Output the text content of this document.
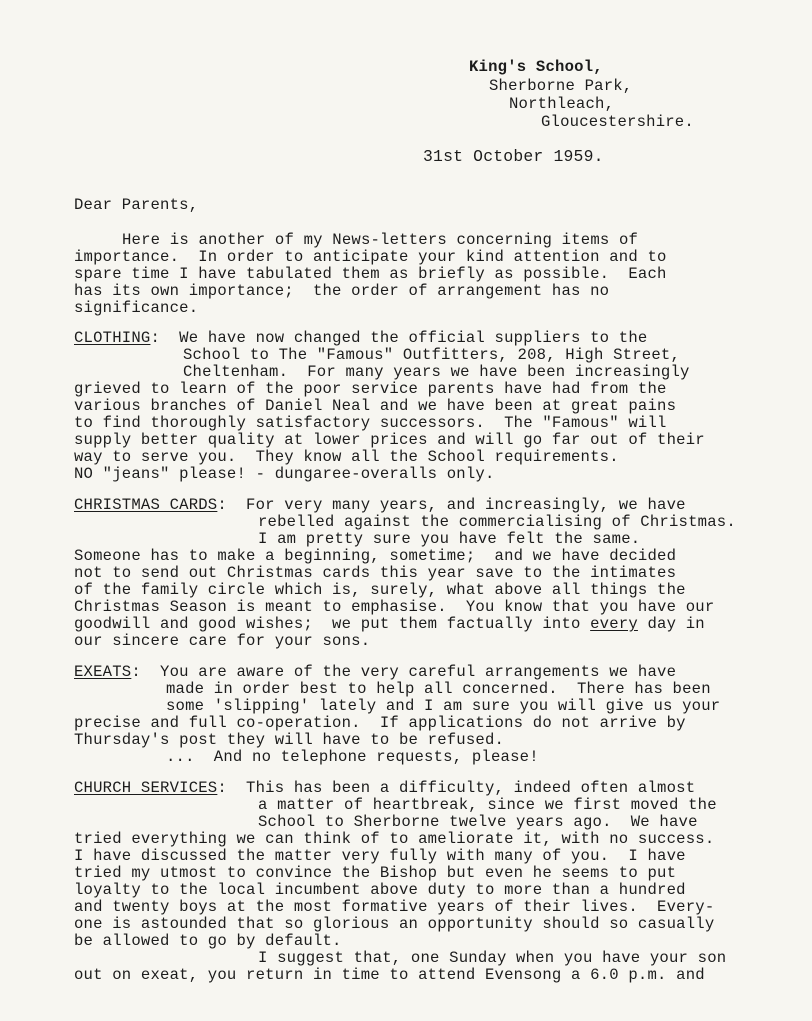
King's School,
Sherborne Park,
Northleach,
Gloucestershire.
31st October 1959.
Dear Parents,
Here is another of my News-letters concerning items of
importance.  In order to anticipate your kind attention and to
spare time I have tabulated them as briefly as possible.  Each
has its own importance;  the order of arrangement has no
significance.
CLOTHING:  We have now changed the official suppliers to the
School to The "Famous" Outfitters, 208, High Street,
Cheltenham.  For many years we have been increasingly
grieved to learn of the poor service parents have had from the
various branches of Daniel Neal and we have been at great pains
to find thoroughly satisfactory successors.  The "Famous" will
supply better quality at lower prices and will go far out of their
way to serve you.  They know all the School requirements.
NO "jeans" please! - dungaree-overalls only.
CHRISTMAS CARDS:  For very many years, and increasingly, we have
rebelled against the commercialising of Christmas.
I am pretty sure you have felt the same.
Someone has to make a beginning, sometime;  and we have decided
not to send out Christmas cards this year save to the intimates
of the family circle which is, surely, what above all things the
Christmas Season is meant to emphasise.  You know that you have our
goodwill and good wishes;  we put them factually into every day in
our sincere care for your sons.
EXEATS:  You are aware of the very careful arrangements we have
made in order best to help all concerned.  There has been
some 'slipping' lately and I am sure you will give us your
precise and full co-operation.  If applications do not arrive by
Thursday's post they will have to be refused.
...  And no telephone requests, please!
CHURCH SERVICES:  This has been a difficulty, indeed often almost
a matter of heartbreak, since we first moved the
School to Sherborne twelve years ago.  We have
tried everything we can think of to ameliorate it, with no success.
I have discussed the matter very fully with many of you.  I have
tried my utmost to convince the Bishop but even he seems to put
loyalty to the local incumbent above duty to more than a hundred
and twenty boys at the most formative years of their lives.  Every-
one is astounded that so glorious an opportunity should so casually
be allowed to go by default.
I suggest that, one Sunday when you have your son
out on exeat, you return in time to attend Evensong a 6.0 p.m. and
